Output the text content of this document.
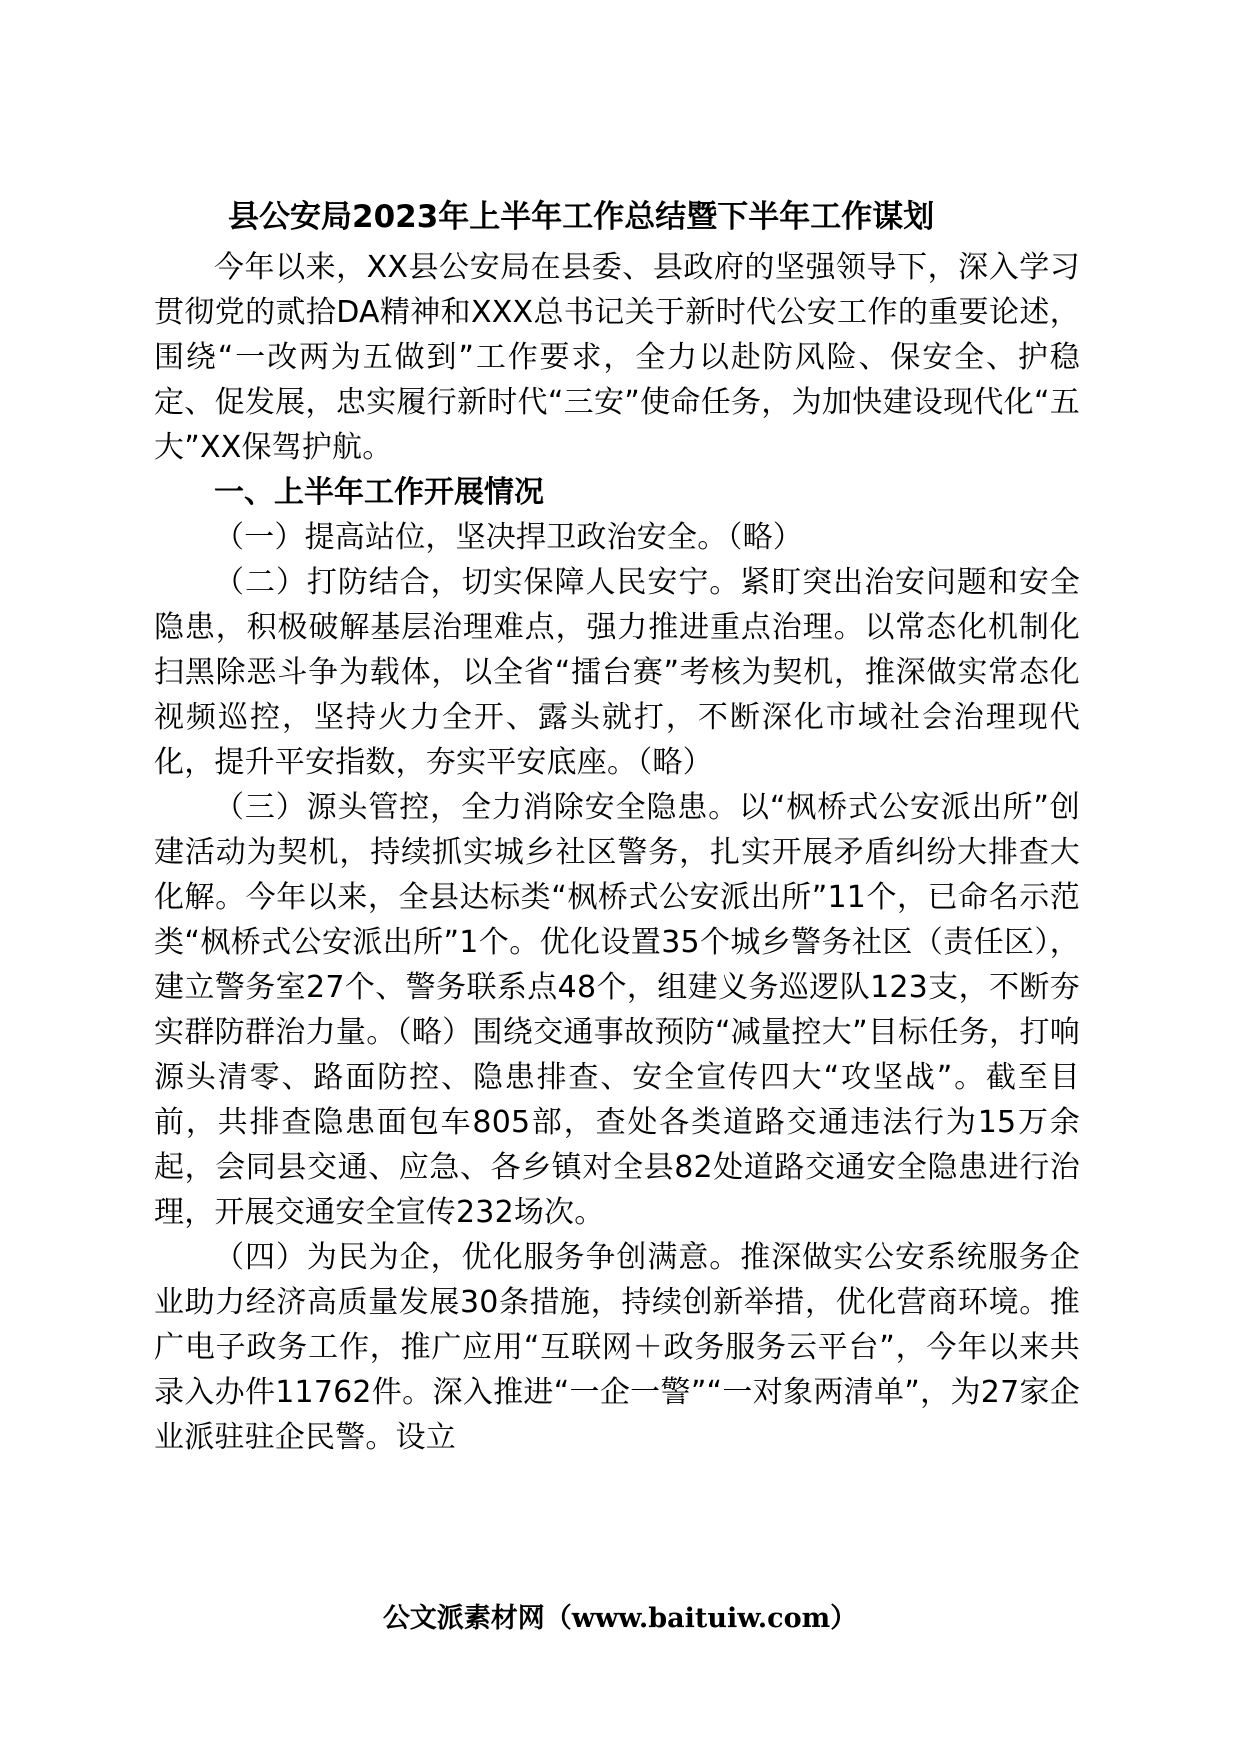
县公安局2023年上半年工作总结暨下半年工作谋划

今年以来，XX县公安局在县委、县政府的坚强领导下，深入学习贯彻党的贰拾DA精神和XXX总书记关于新时代公安工作的重要论述，围绕“一改两为五做到”工作要求，全力以赴防风险、保安全、护稳定、促发展，忠实履行新时代“三安”使命任务，为加快建设现代化“五大”XX保驾护航。

一、上半年工作开展情况

（一）提高站位，坚决捍卫政治安全。（略）

（二）打防结合，切实保障人民安宁。紧盯突出治安问题和安全隐患，积极破解基层治理难点，强力推进重点治理。以常态化机制化扫黑除恶斗争为载体，以全省“擂台赛”考核为契机，推深做实常态化视频巡控，坚持火力全开、露头就打，不断深化市域社会治理现代化，提升平安指数，夯实平安底座。（略）

（三）源头管控，全力消除安全隐患。以“枫桥式公安派出所”创建活动为契机，持续抓实城乡社区警务，扎实开展矛盾纠纷大排查大化解。今年以来，全县达标类“枫桥式公安派出所”11个，已命名示范类“枫桥式公安派出所”1个。优化设置35个城乡警务社区（责任区），建立警务室27个、警务联系点48个，组建义务巡逻队123支，不断夯实群防群治力量。（略）围绕交通事故预防“减量控大”目标任务，打响源头清零、路面防控、隐患排查、安全宣传四大“攻坚战”。截至目前，共排查隐患面包车805部，查处各类道路交通违法行为15万余起，会同县交通、应急、各乡镇对全县82处道路交通安全隐患进行治理，开展交通安全宣传232场次。

（四）为民为企，优化服务争创满意。推深做实公安系统服务企业助力经济高质量发展30条措施，持续创新举措，优化营商环境。推广电子政务工作，推广应用“互联网＋政务服务云平台”，今年以来共录入办件11762件。深入推进“一企一警”“一对象两清单”，为27家企业派驻驻企民警。设立

公文派素材网（www.baituiw.com）
